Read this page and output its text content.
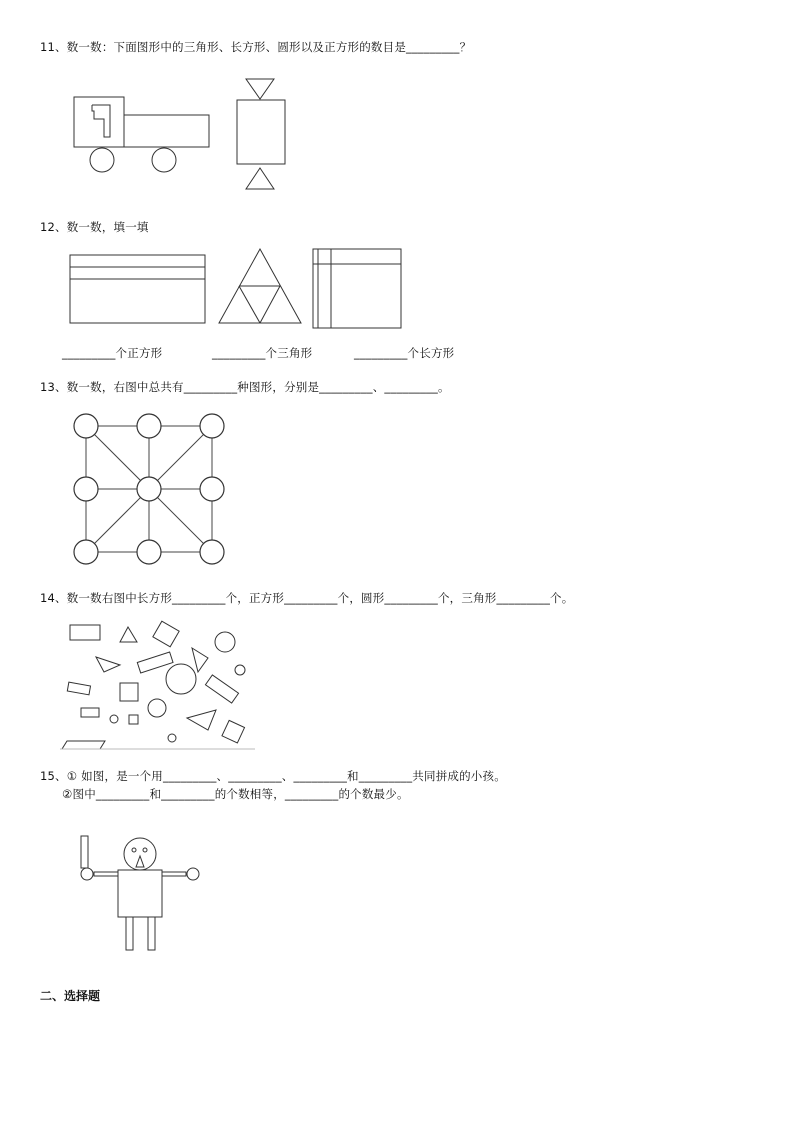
11、数一数：下面图形中的三角形、长方形、圆形以及正方形的数目是_________？
12、数一数，填一填
_________个正方形	_________个三角形	_________个长方形
13、数一数，右图中总共有_________种图形，分别是_________、_________。
14、数一数右图中长方形_________个，正方形_________个，圆形_________个，三角形_________个。
15、① 如图，是一个用_________、_________、_________和_________共同拼成的小孩。
②图中_________和_________的个数相等，_________的个数最少。
二、选择题
